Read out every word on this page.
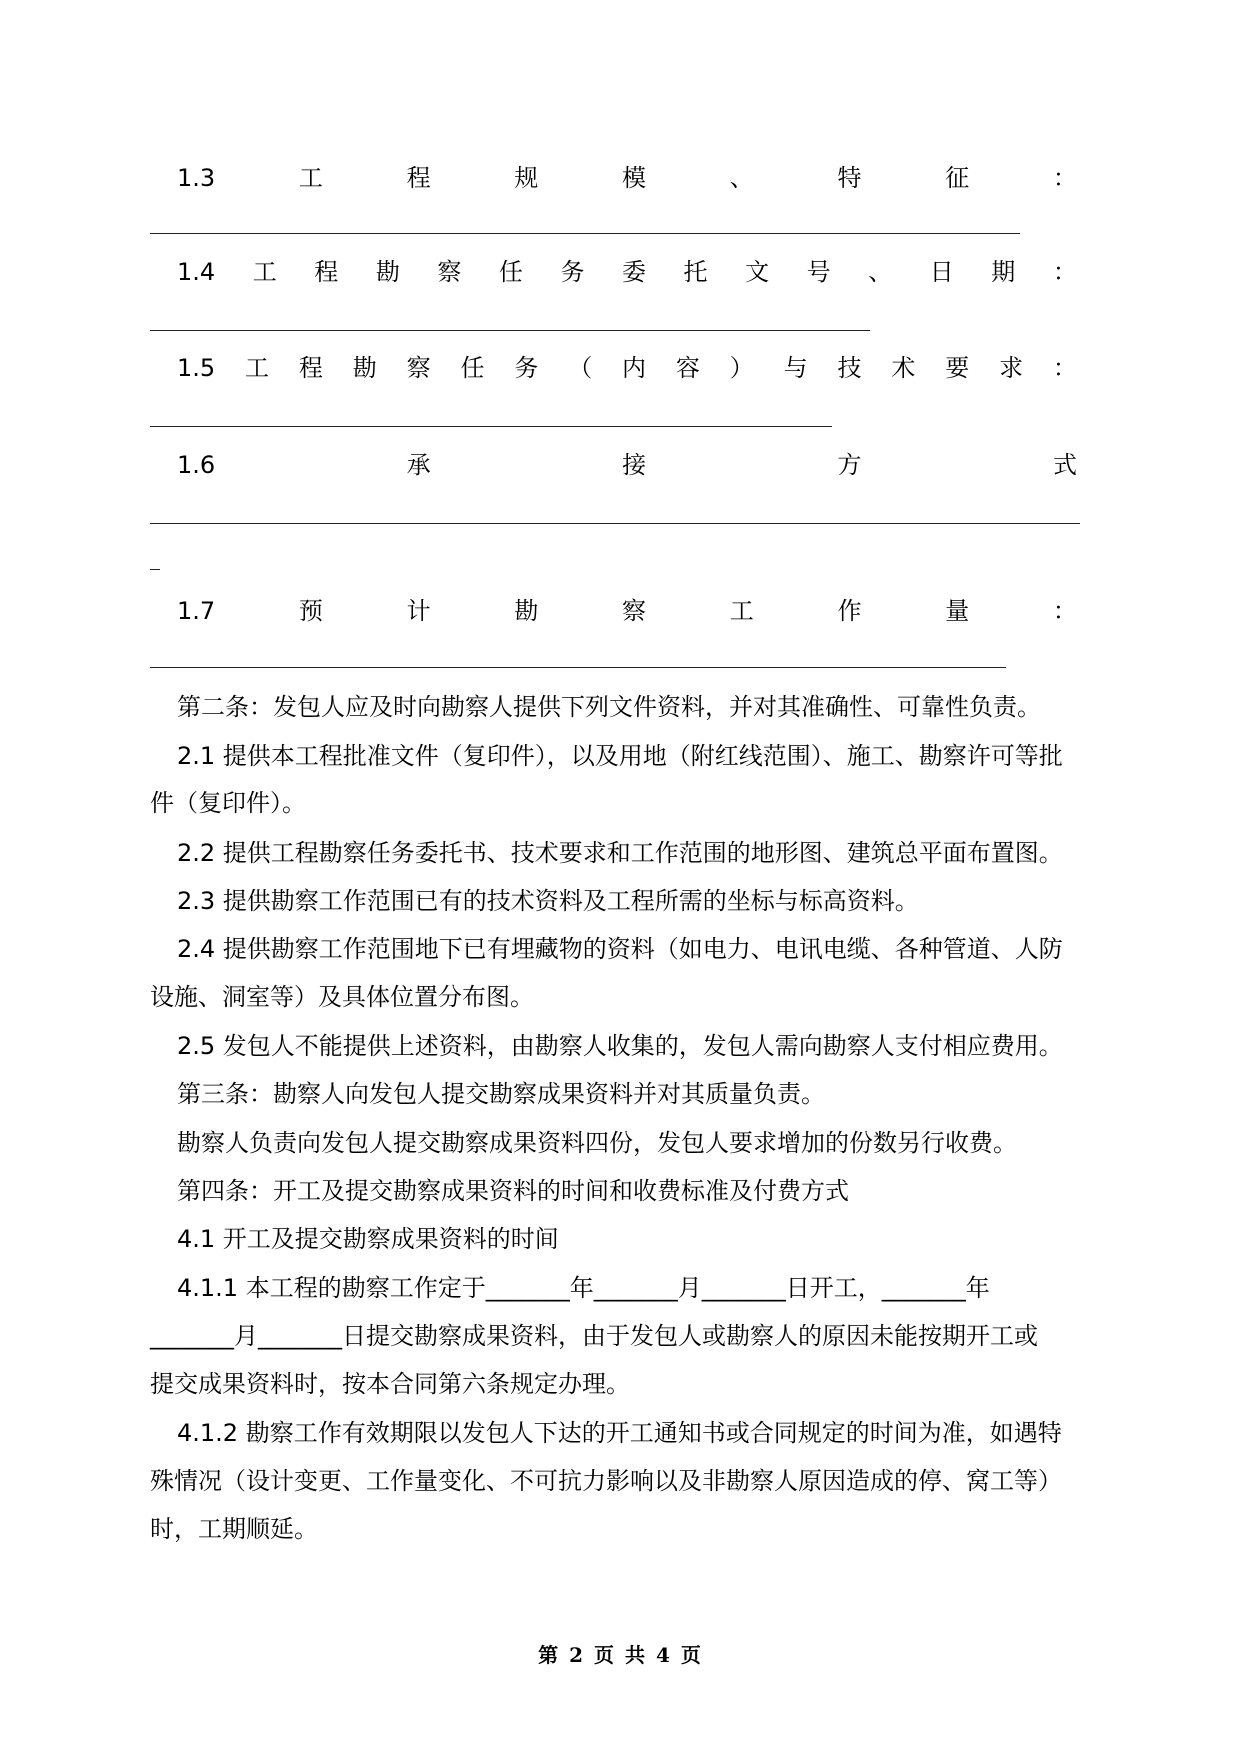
1.3	工	程	规	模	、	特	征	：
1.4 工 程 勘 察 任 务 委 托 文 号 、 日 期 ：
1.5 工 程 勘 察 任 务 （ 内 容 ） 与 技 术 要 求 ：
1.6	承	接	方	式
1.7	预	计	勘	察	工	作	量	：
第二条：发包人应及时向勘察人提供下列文件资料，并对其准确性、可靠性负责。
2.1 提供本工程批准文件（复印件），以及用地（附红线范围）、施工、勘察许可等批
件（复印件）。
2.2 提供工程勘察任务委托书、技术要求和工作范围的地形图、建筑总平面布置图。
2.3 提供勘察工作范围已有的技术资料及工程所需的坐标与标高资料。
2.4 提供勘察工作范围地下已有埋藏物的资料（如电力、电讯电缆、各种管道、人防
设施、洞室等）及具体位置分布图。
2.5 发包人不能提供上述资料，由勘察人收集的，发包人需向勘察人支付相应费用。
第三条：勘察人向发包人提交勘察成果资料并对其质量负责。
勘察人负责向发包人提交勘察成果资料四份，发包人要求增加的份数另行收费。
第四条：开工及提交勘察成果资料的时间和收费标准及付费方式
4.1 开工及提交勘察成果资料的时间
4.1.1 本工程的勘察工作定于_______年_______月_______日开工，_______年
_______月_______日提交勘察成果资料，由于发包人或勘察人的原因未能按期开工或
提交成果资料时，按本合同第六条规定办理。
4.1.2 勘察工作有效期限以发包人下达的开工通知书或合同规定的时间为准，如遇特
殊情况（设计变更、工作量变化、不可抗力影响以及非勘察人原因造成的停、窝工等）
时，工期顺延。
第 2 页 共 4 页
